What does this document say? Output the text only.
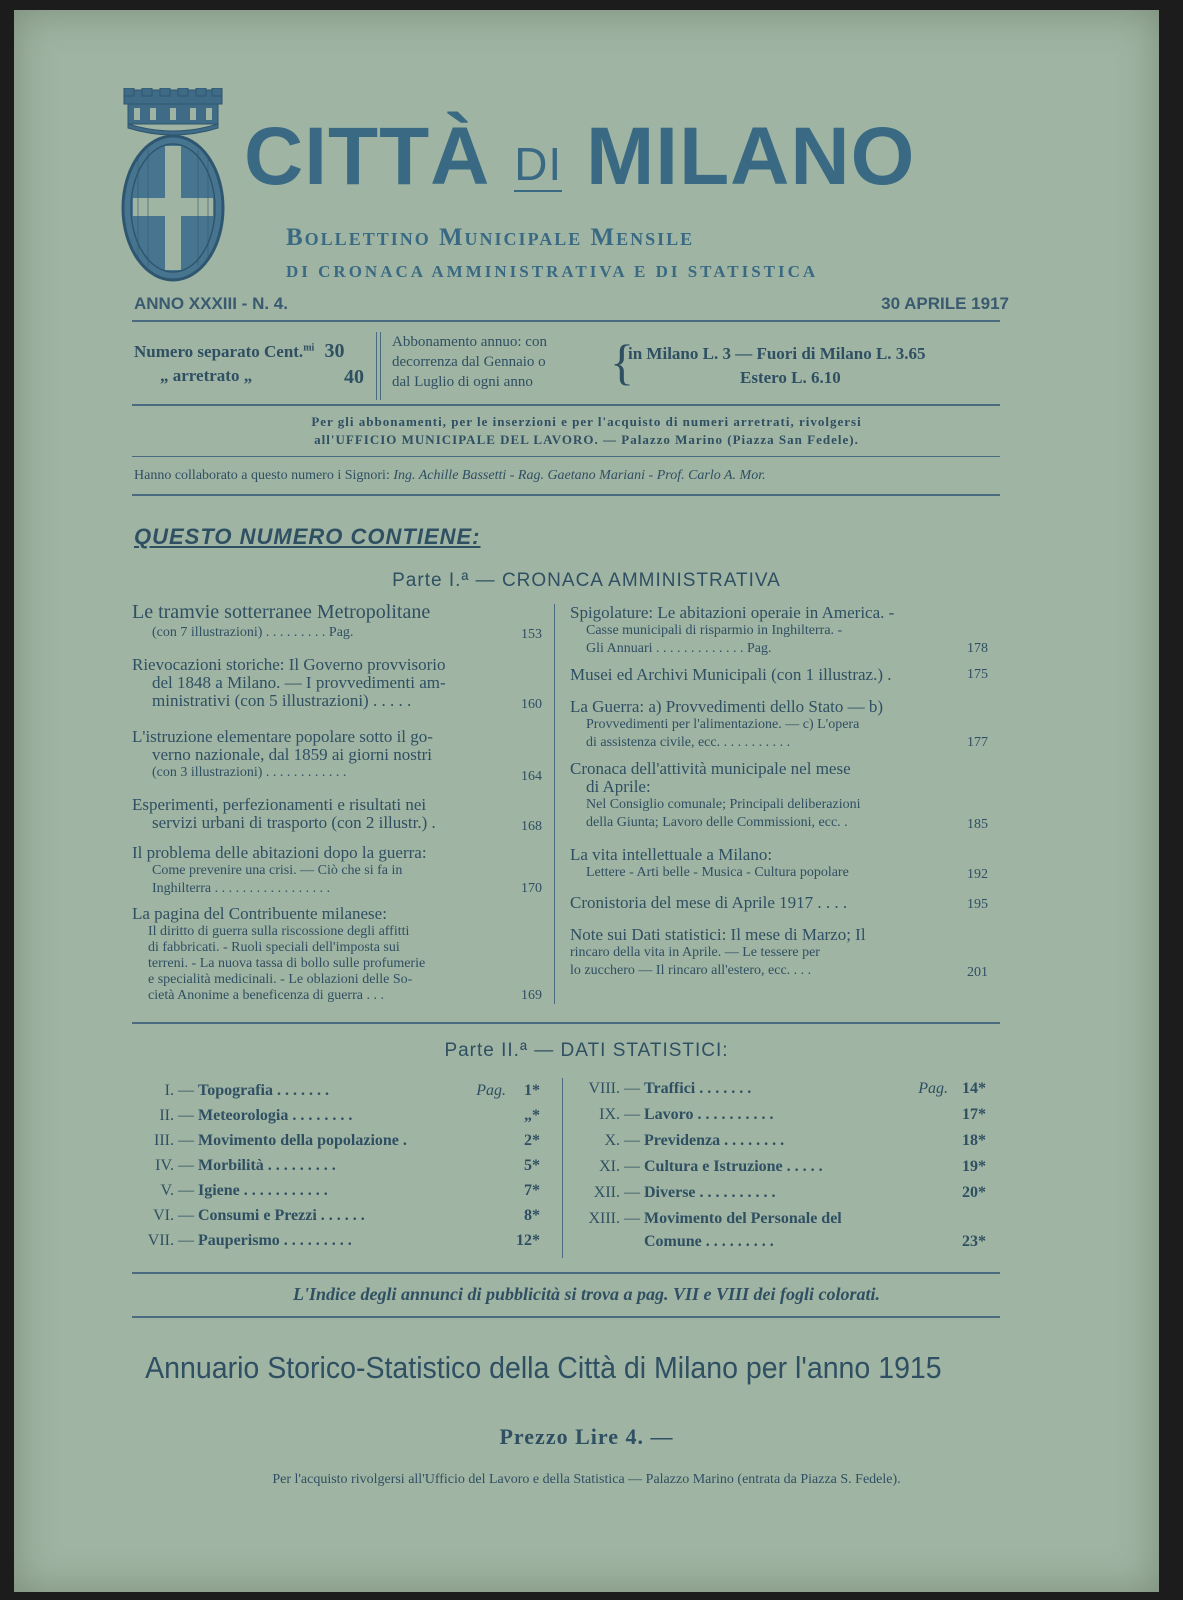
CITTÀ DI MILANO
Bollettino Municipale Mensile
DI CRONACA AMMINISTRATIVA E DI STATISTICA
ANNO XXXIII - N. 4.	30 APRILE 1917
Numero separato Cent.$^{mi}$ 30
„ arretrato „	40
Abbonamento annuo: con
decorrenza dal Gennaio o
dal Luglio di ogni anno {
in Milano L. 3 — Fuori di Milano L. 3.65
Estero L. 6.10
Per gli abbonamenti, per le inserzioni e per l'acquisto di numeri arretrati, rivolgersi
all'UFFICIO MUNICIPALE DEL LAVORO. — Palazzo Marino (Piazza San Fedele).
Hanno collaborato a questo numero i Signori: Ing. Achille Bassetti - Rag. Gaetano Mariani - Prof. Carlo A. Mor.
QUESTO NUMERO CONTIENE:
Parte I.ª — CRONACA AMMINISTRATIVA
Le tramvie sotterranee Metropolitane
(con 7 illustrazioni) . . . . . . . . . Pag.	153
Rievocazioni storiche: Il Governo provvisorio
del 1848 a Milano. — I provvedimenti am-
ministrativi (con 5 illustrazioni) . . . . .	160
L'istruzione elementare popolare sotto il go-
verno nazionale, dal 1859 ai giorni nostri
(con 3 illustrazioni) . . . . . . . . . . . .	164
Esperimenti, perfezionamenti e risultati nei
servizi urbani di trasporto (con 2 illustr.) .	168
Il problema delle abitazioni dopo la guerra:
Come prevenire una crisi. — Ciò che si fa in
Inghilterra . . . . . . . . . . . . . . . . .	170
La pagina del Contribuente milanese:
Il diritto di guerra sulla riscossione degli affitti
di fabbricati. - Ruoli speciali dell'imposta sui
terreni. - La nuova tassa di bollo sulle profumerie
e specialità medicinali. - Le oblazioni delle So-
cietà Anonime a beneficenza di guerra . . .	169
Spigolature: Le abitazioni operaie in America. -
Casse municipali di risparmio in Inghilterra. -
Gli Annuari . . . . . . . . . . . . . Pag.	178
Musei ed Archivi Municipali (con 1 illustraz.) .	175
La Guerra: a) Provvedimenti dello Stato — b)
Provvedimenti per l'alimentazione. — c) L'opera
di assistenza civile, ecc. . . . . . . . . . .	177
Cronaca dell'attività municipale nel mese
di Aprile:
Nel Consiglio comunale; Principali deliberazioni
della Giunta; Lavoro delle Commissioni, ecc. .	185
La vita intellettuale a Milano:
Lettere - Arti belle - Musica - Cultura popolare	192
Cronistoria del mese di Aprile 1917 . . . .	195
Note sui Dati statistici: Il mese di Marzo; Il
rincaro della vita in Aprile. — Le tessere per
lo zucchero — Il rincaro all'estero, ecc. . . .	201
Parte II.ª — DATI STATISTICI:
I. — Topografia . . . . . . .	Pag. 1*
II. — Meteorologia . . . . . . . .	„*
III. — Movimento della popolazione .	2*
IV. — Morbilità . . . . . . . . .	5*
V. — Igiene . . . . . . . . . . .	7*
VI. — Consumi e Prezzi . . . . . .	8*
VII. — Pauperismo . . . . . . . . .	12*
VIII. — Traffici . . . . . . .	Pag. 14*
IX. — Lavoro . . . . . . . . . .	17*
X. — Previdenza . . . . . . . .	18*
XI. — Cultura e Istruzione . . . . .	19*
XII. — Diverse . . . . . . . . . .	20*
XIII. — Movimento del Personale del
Comune . . . . . . . . .	23*
L'Indice degli annunci di pubblicità si trova a pag. VII e VIII dei fogli colorati.
Annuario Storico-Statistico della Città di Milano per l'anno 1915
Prezzo Lire 4. —
Per l'acquisto rivolgersi all'Ufficio del Lavoro e della Statistica — Palazzo Marino (entrata da Piazza S. Fedele).
